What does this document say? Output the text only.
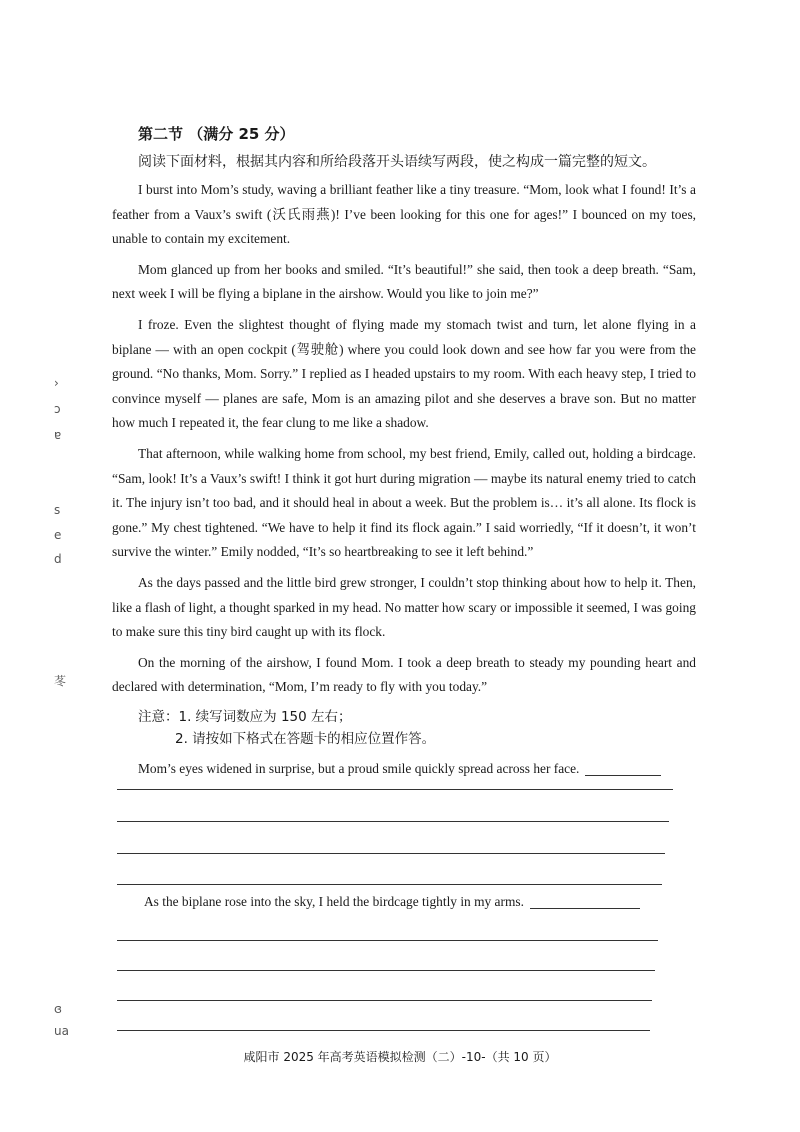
›
ɔ
ɐ
s
e
d
苳
ɞ
ua
第二节 （满分 25 分）
阅读下面材料，根据其内容和所给段落开头语续写两段，使之构成一篇完整的短文。

I burst into Mom’s study, waving a brilliant feather like a tiny treasure. “Mom, look what I found! It’s a feather from a Vaux’s swift (沃氏雨燕)! I’ve been looking for this one for ages!” I bounced on my toes, unable to contain my excitement.

Mom glanced up from her books and smiled. “It’s beautiful!” she said, then took a deep breath. “Sam, next week I will be flying a biplane in the airshow. Would you like to join me?”

I froze. Even the slightest thought of flying made my stomach twist and turn, let alone flying in a biplane — with an open cockpit (驾驶舱) where you could look down and see how far you were from the ground. “No thanks, Mom. Sorry.” I replied as I headed upstairs to my room. With each heavy step, I tried to convince myself — planes are safe, Mom is an amazing pilot and she deserves a brave son. But no matter how much I repeated it, the fear clung to me like a shadow.

That afternoon, while walking home from school, my best friend, Emily, called out, holding a birdcage. “Sam, look! It’s a Vaux’s swift! I think it got hurt during migration — maybe its natural enemy tried to catch it. The injury isn’t too bad, and it should heal in about a week. But the problem is… it’s all alone. Its flock is gone.” My chest tightened. “We have to help it find its flock again.” I said worriedly, “If it doesn’t, it won’t survive the winter.” Emily nodded, “It’s so heartbreaking to see it left behind.”

As the days passed and the little bird grew stronger, I couldn’t stop thinking about how to help it. Then, like a flash of light, a thought sparked in my head. No matter how scary or impossible it seemed, I was going to make sure this tiny bird caught up with its flock.

On the morning of the airshow, I found Mom. I took a deep breath to steady my pounding heart and declared with determination, “Mom, I’m ready to fly with you today.”

注意：1. 续写词数应为 150 左右；
2. 请按如下格式在答题卡的相应位置作答。
Mom’s eyes widened in surprise, but a proud smile quickly spread across her face.
As the biplane rose into the sky, I held the birdcage tightly in my arms.
咸阳市 2025 年高考英语模拟检测（二）-10-（共 10 页）
